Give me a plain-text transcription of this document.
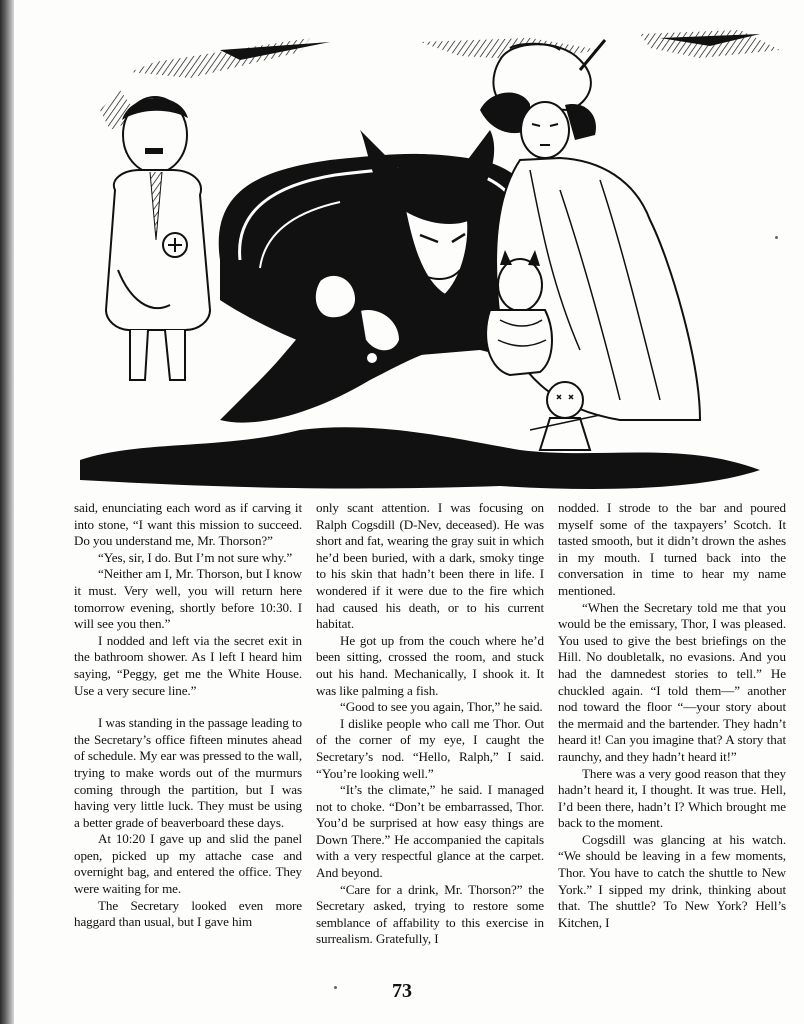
said, enunciating each word as if carving it into stone, “I want this mission to succeed. Do you understand me, Mr. Thorson?”

“Yes, sir, I do. But I’m not sure why.”

“Neither am I, Mr. Thorson, but I know it must. Very well, you will return here tomorrow evening, shortly before 10:30. I will see you then.”

I nodded and left via the secret exit in the bathroom shower. As I left I heard him saying, “Peggy, get me the White House. Use a very secure line.”

I was standing in the passage leading to the Secretary’s office fifteen minutes ahead of schedule. My ear was pressed to the wall, trying to make words out of the murmurs coming through the partition, but I was having very little luck. They must be using a better grade of beaverboard these days.

At 10:20 I gave up and slid the panel open, picked up my attache case and overnight bag, and entered the office. They were waiting for me.

The Secretary looked even more haggard than usual, but I gave him

only scant attention. I was focusing on Ralph Cogsdill (D-Nev, deceased). He was short and fat, wearing the gray suit in which he’d been buried, with a dark, smoky tinge to his skin that hadn’t been there in life. I wondered if it were due to the fire which had caused his death, or to his current habitat.

He got up from the couch where he’d been sitting, crossed the room, and stuck out his hand. Mechanically, I shook it. It was like palming a fish.

“Good to see you again, Thor,” he said.

I dislike people who call me Thor. Out of the corner of my eye, I caught the Secretary’s nod. “Hello, Ralph,” I said. “You’re looking well.”

“It’s the climate,” he said. I managed not to choke. “Don’t be embarrassed, Thor. You’d be surprised at how easy things are Down There.” He accompanied the capitals with a very respectful glance at the carpet. And beyond.

“Care for a drink, Mr. Thorson?” the Secretary asked, trying to restore some semblance of affability to this exercise in surrealism. Gratefully, I

nodded. I strode to the bar and poured myself some of the taxpayers’ Scotch. It tasted smooth, but it didn’t drown the ashes in my mouth. I turned back into the conversation in time to hear my name mentioned.

“When the Secretary told me that you would be the emissary, Thor, I was pleased. You used to give the best briefings on the Hill. No doubletalk, no evasions. And you had the damnedest stories to tell.” He chuckled again. “I told them—” another nod toward the floor “—your story about the mermaid and the bartender. They hadn’t heard it! Can you imagine that? A story that raunchy, and they hadn’t heard it!”

There was a very good reason that they hadn’t heard it, I thought. It was true. Hell, I’d been there, hadn’t I? Which brought me back to the moment.

Cogsdill was glancing at his watch. “We should be leaving in a few moments, Thor. You have to catch the shuttle to New York.” I sipped my drink, thinking about that. The shuttle? To New York? Hell’s Kitchen, I

73
